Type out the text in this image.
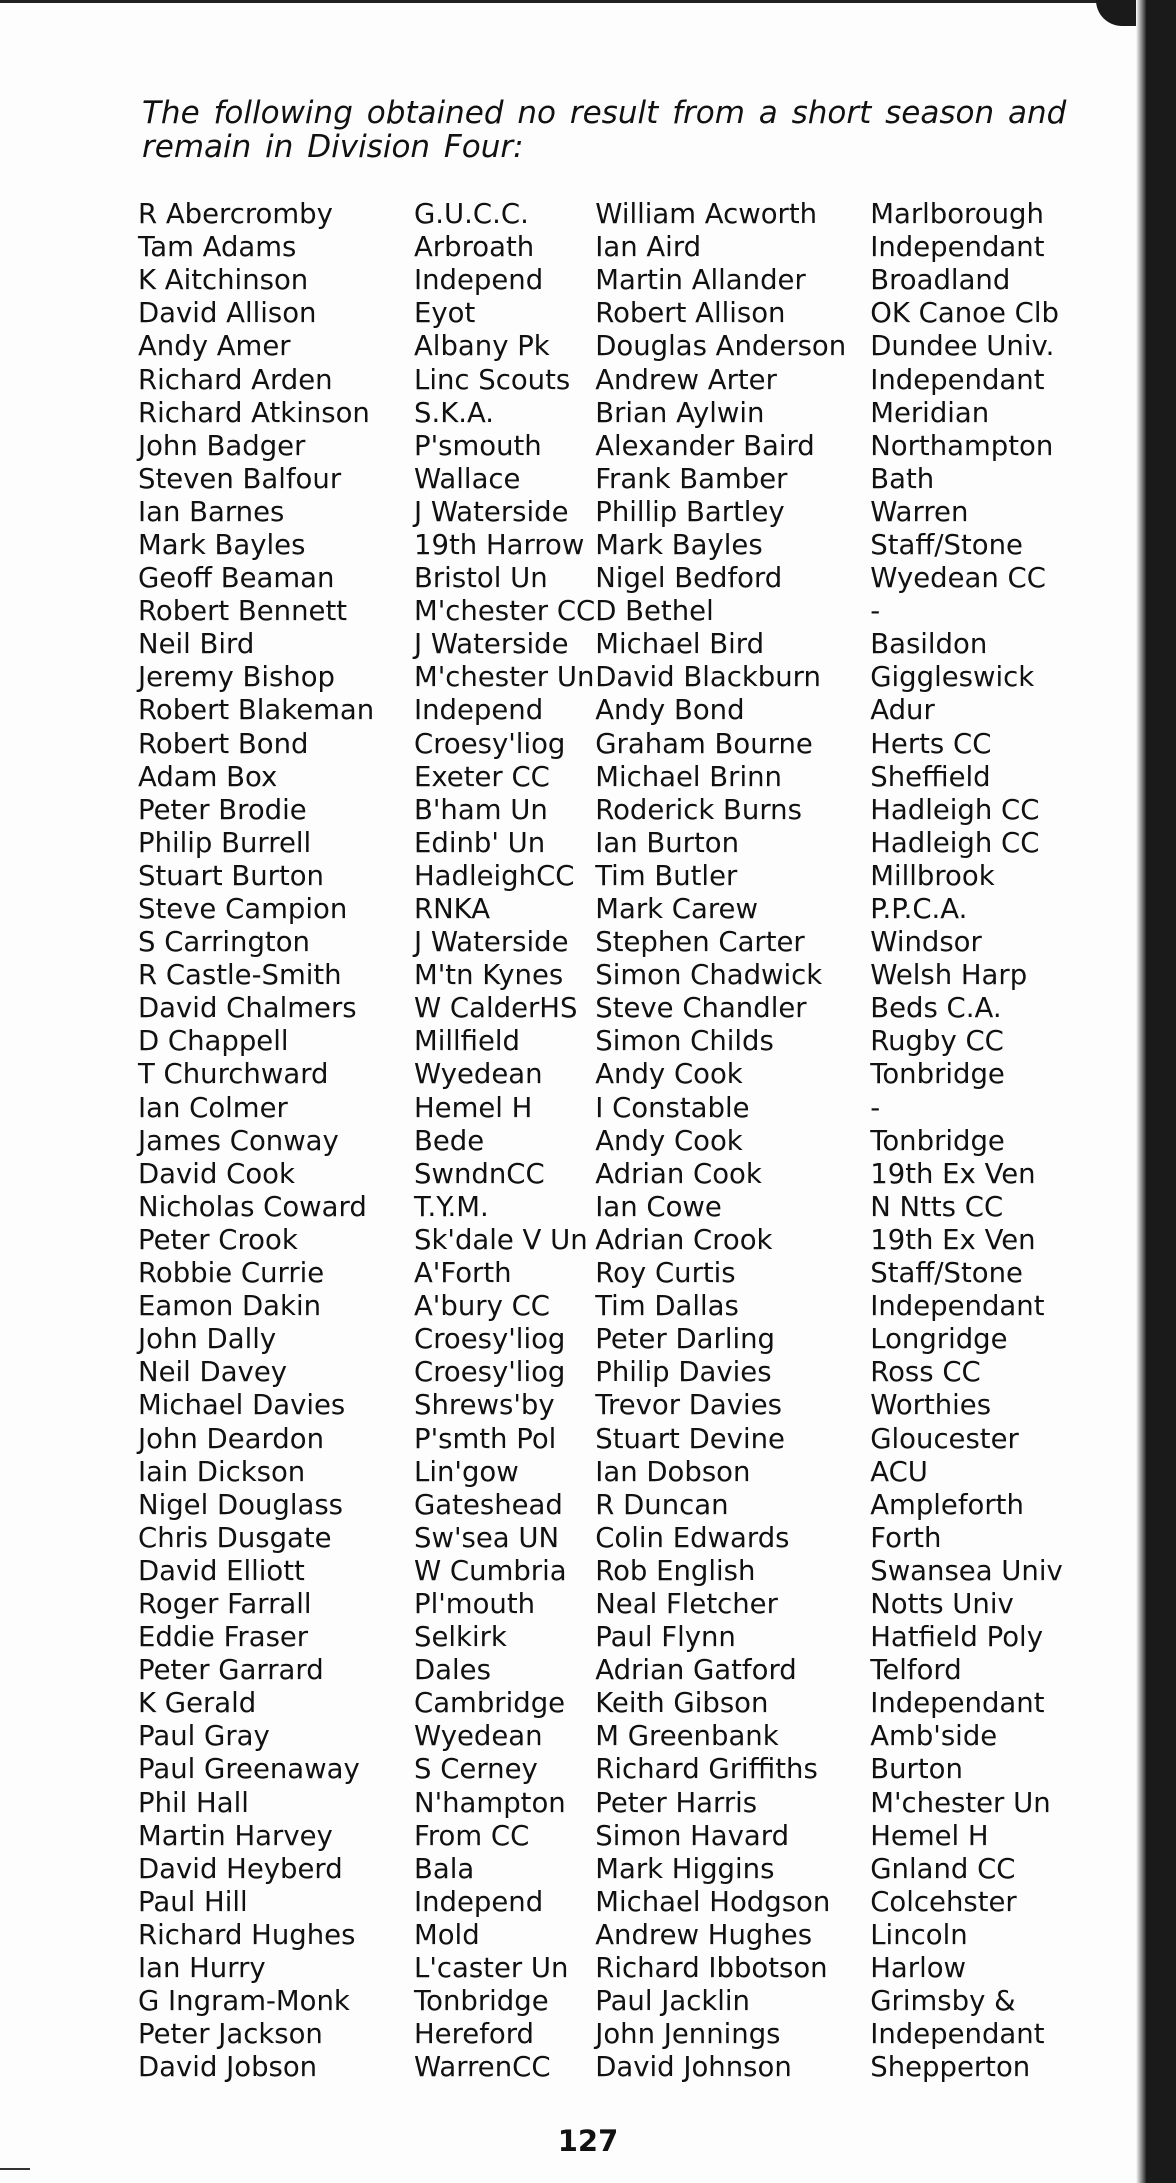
The following obtained no result from a short season and remain in Division Four:

R Abercromby	G.U.C.C.	William Acworth	Marlborough
Tam Adams	Arbroath	Ian Aird	Independant
K Aitchinson	Independ	Martin Allander	Broadland
David Allison	Eyot	Robert Allison	OK Canoe Clb
Andy Amer	Albany Pk	Douglas Anderson	Dundee Univ.
Richard Arden	Linc Scouts	Andrew Arter	Independant
Richard Atkinson	S.K.A.	Brian Aylwin	Meridian
John Badger	P'smouth	Alexander Baird	Northampton
Steven Balfour	Wallace	Frank Bamber	Bath
Ian Barnes	J Waterside	Phillip Bartley	Warren
Mark Bayles	19th Harrow	Mark Bayles	Staff/Stone
Geoff Beaman	Bristol Un	Nigel Bedford	Wyedean CC
Robert Bennett	M'chester CC	D Bethel	-
Neil Bird	J Waterside	Michael Bird	Basildon
Jeremy Bishop	M'chester Un	David Blackburn	Giggleswick
Robert Blakeman	Independ	Andy Bond	Adur
Robert Bond	Croesy'liog	Graham Bourne	Herts CC
Adam Box	Exeter CC	Michael Brinn	Sheffield
Peter Brodie	B'ham Un	Roderick Burns	Hadleigh CC
Philip Burrell	Edinb' Un	Ian Burton	Hadleigh CC
Stuart Burton	HadleighCC	Tim Butler	Millbrook
Steve Campion	RNKA	Mark Carew	P.P.C.A.
S Carrington	J Waterside	Stephen Carter	Windsor
R Castle-Smith	M'tn Kynes	Simon Chadwick	Welsh Harp
David Chalmers	W CalderHS	Steve Chandler	Beds C.A.
D Chappell	Millfield	Simon Childs	Rugby CC
T Churchward	Wyedean	Andy Cook	Tonbridge
Ian Colmer	Hemel H	I Constable	-
James Conway	Bede	Andy Cook	Tonbridge
David Cook	SwndnCC	Adrian Cook	19th Ex Ven
Nicholas Coward	T.Y.M.	Ian Cowe	N Ntts CC
Peter Crook	Sk'dale V Un	Adrian Crook	19th Ex Ven
Robbie Currie	A'Forth	Roy Curtis	Staff/Stone
Eamon Dakin	A'bury CC	Tim Dallas	Independant
John Dally	Croesy'liog	Peter Darling	Longridge
Neil Davey	Croesy'liog	Philip Davies	Ross CC
Michael Davies	Shrews'by	Trevor Davies	Worthies
John Deardon	P'smth Pol	Stuart Devine	Gloucester
Iain Dickson	Lin'gow	Ian Dobson	ACU
Nigel Douglass	Gateshead	R Duncan	Ampleforth
Chris Dusgate	Sw'sea UN	Colin Edwards	Forth
David Elliott	W Cumbria	Rob English	Swansea Univ
Roger Farrall	Pl'mouth	Neal Fletcher	Notts Univ
Eddie Fraser	Selkirk	Paul Flynn	Hatfield Poly
Peter Garrard	Dales	Adrian Gatford	Telford
K Gerald	Cambridge	Keith Gibson	Independant
Paul Gray	Wyedean	M Greenbank	Amb'side
Paul Greenaway	S Cerney	Richard Griffiths	Burton
Phil Hall	N'hampton	Peter Harris	M'chester Un
Martin Harvey	From CC	Simon Havard	Hemel H
David Heyberd	Bala	Mark Higgins	Gnland CC
Paul Hill	Independ	Michael Hodgson	Colcehster
Richard Hughes	Mold	Andrew Hughes	Lincoln
Ian Hurry	L'caster Un	Richard Ibbotson	Harlow
G Ingram-Monk	Tonbridge	Paul Jacklin	Grimsby &
Peter Jackson	Hereford	John Jennings	Independant
David Jobson	WarrenCC	David Johnson	Shepperton
127
